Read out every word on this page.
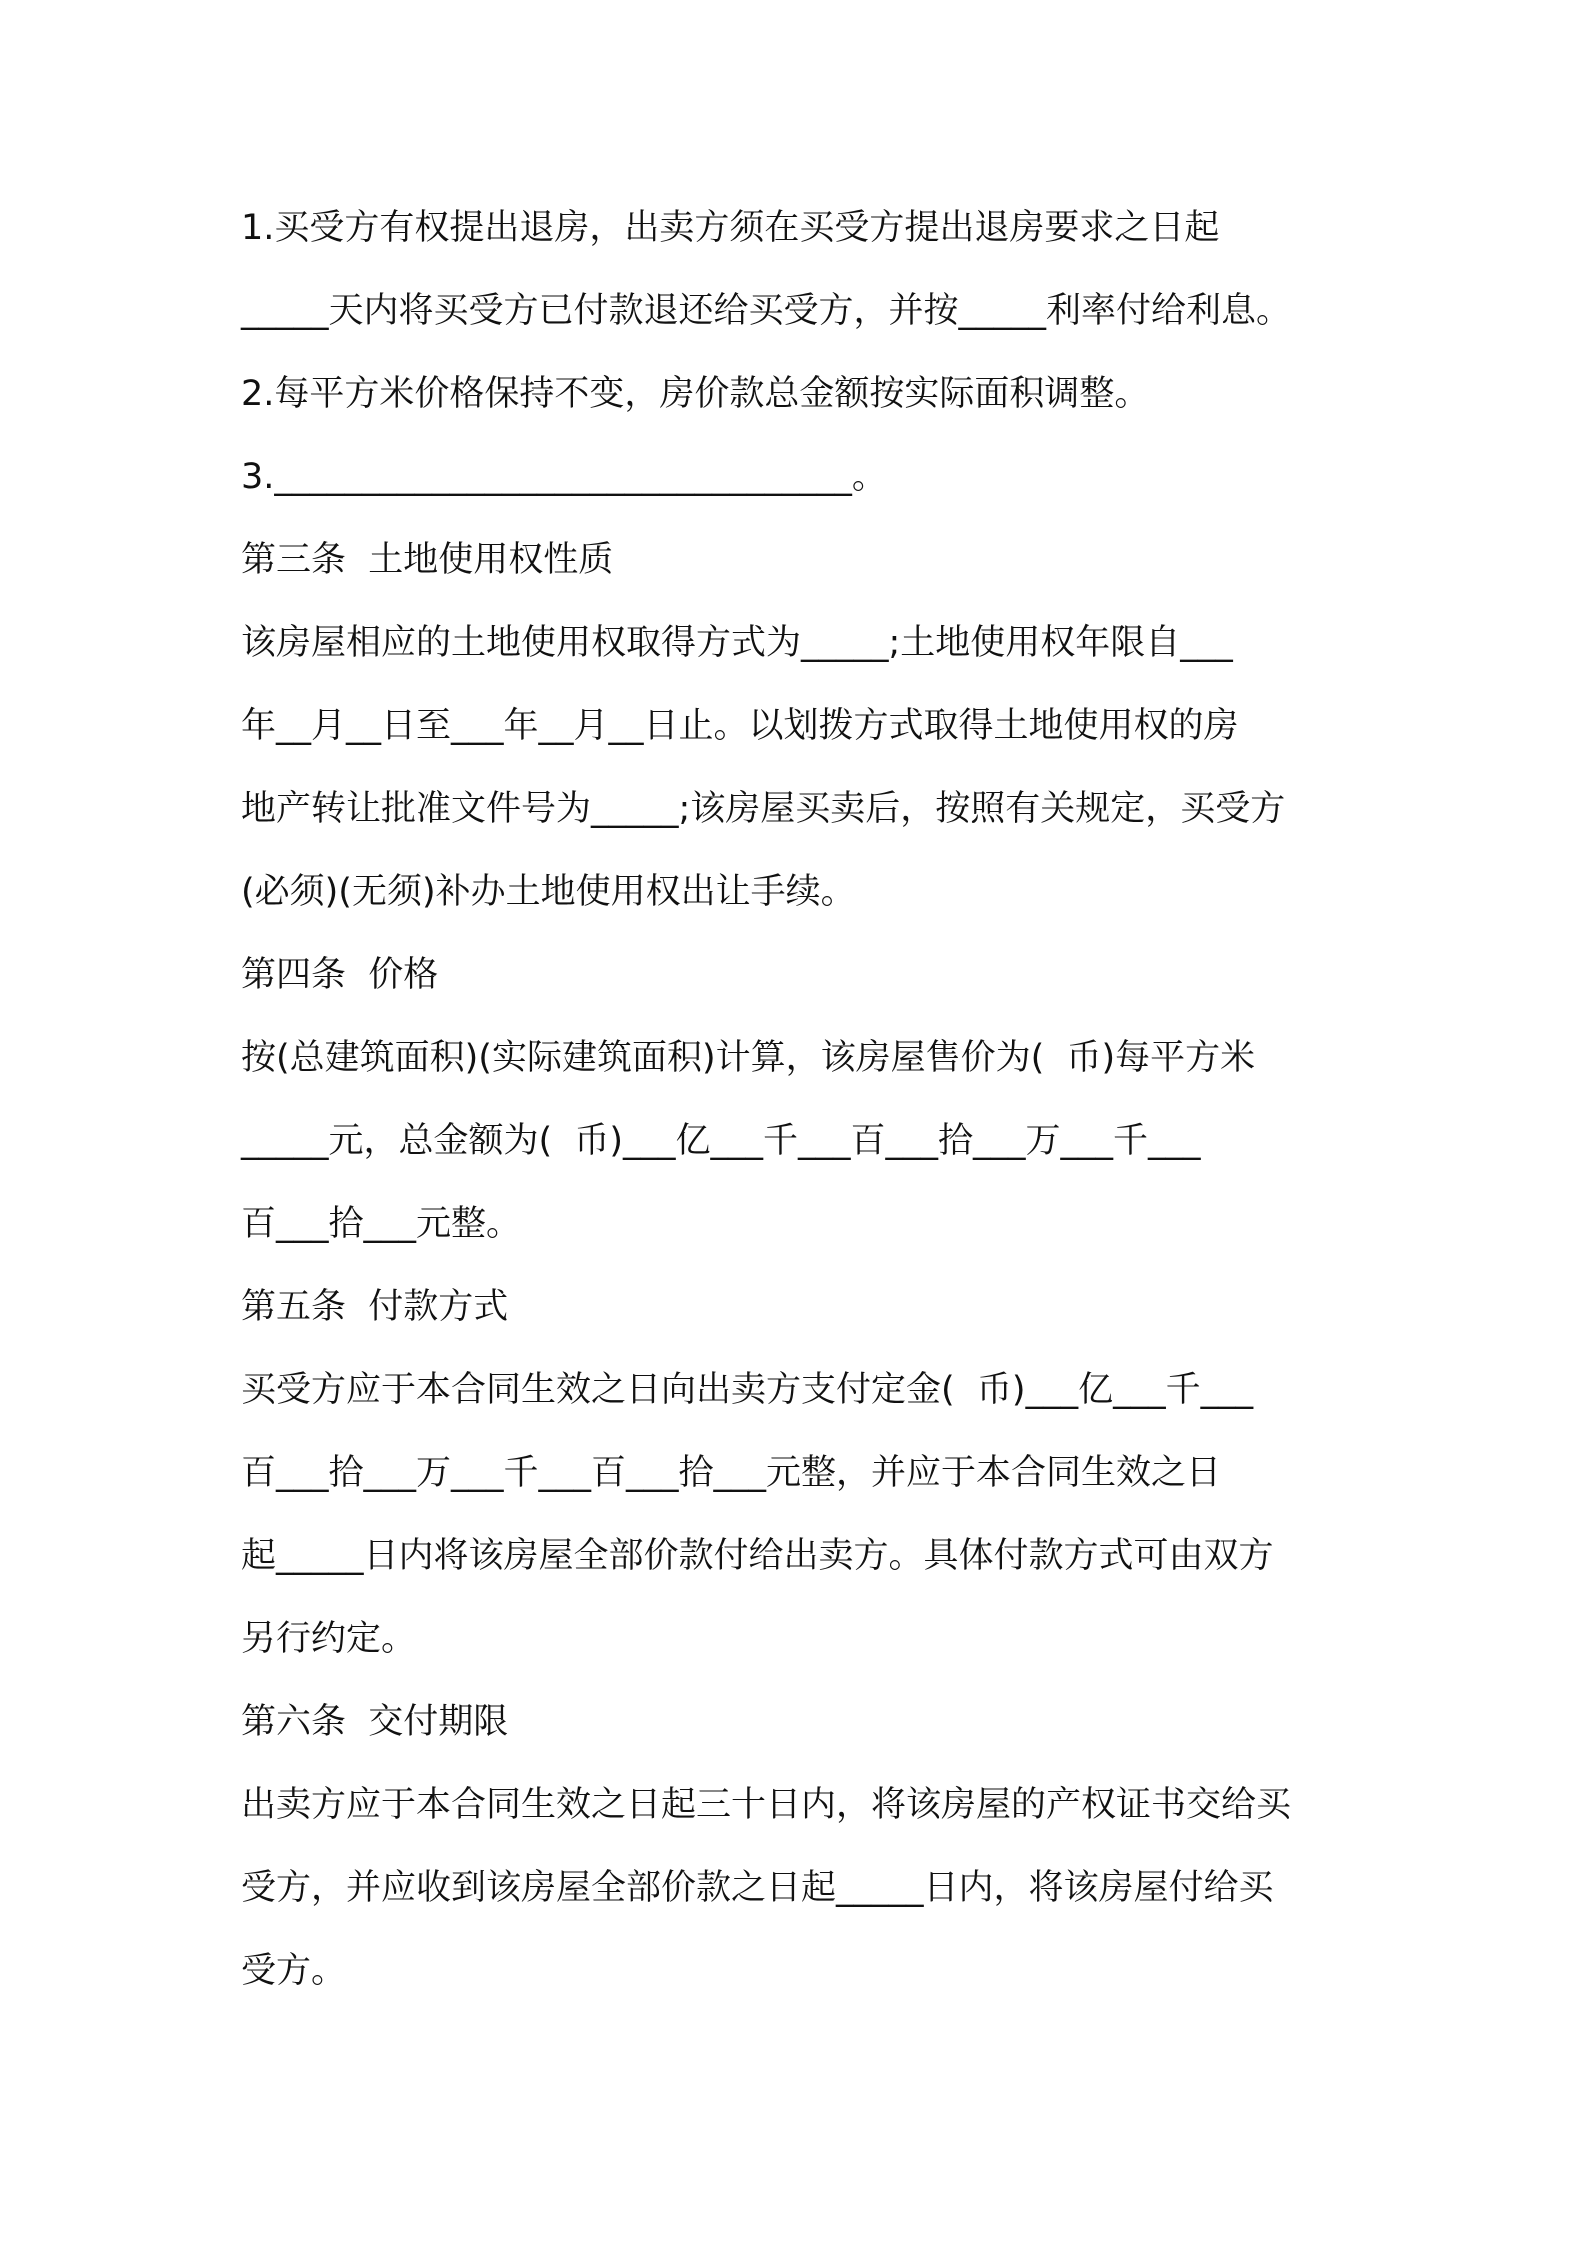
1.买受方有权提出退房，出卖方须在买受方提出退房要求之日起
_____天内将买受方已付款退还给买受方，并按_____利率付给利息。
2.每平方米价格保持不变，房价款总金额按实际面积调整。
3._________________________________。
第三条  土地使用权性质
该房屋相应的土地使用权取得方式为_____;土地使用权年限自___
年__月__日至___年__月__日止。以划拨方式取得土地使用权的房
地产转让批准文件号为_____;该房屋买卖后，按照有关规定，买受方
(必须)(无须)补办土地使用权出让手续。
第四条  价格
按(总建筑面积)(实际建筑面积)计算，该房屋售价为(  币)每平方米
_____元，总金额为(  币)___亿___千___百___拾___万___千___
百___拾___元整。
第五条  付款方式
买受方应于本合同生效之日向出卖方支付定金(  币)___亿___千___
百___拾___万___千___百___拾___元整，并应于本合同生效之日
起_____日内将该房屋全部价款付给出卖方。具体付款方式可由双方
另行约定。
第六条  交付期限
出卖方应于本合同生效之日起三十日内，将该房屋的产权证书交给买
受方，并应收到该房屋全部价款之日起_____日内，将该房屋付给买
受方。
